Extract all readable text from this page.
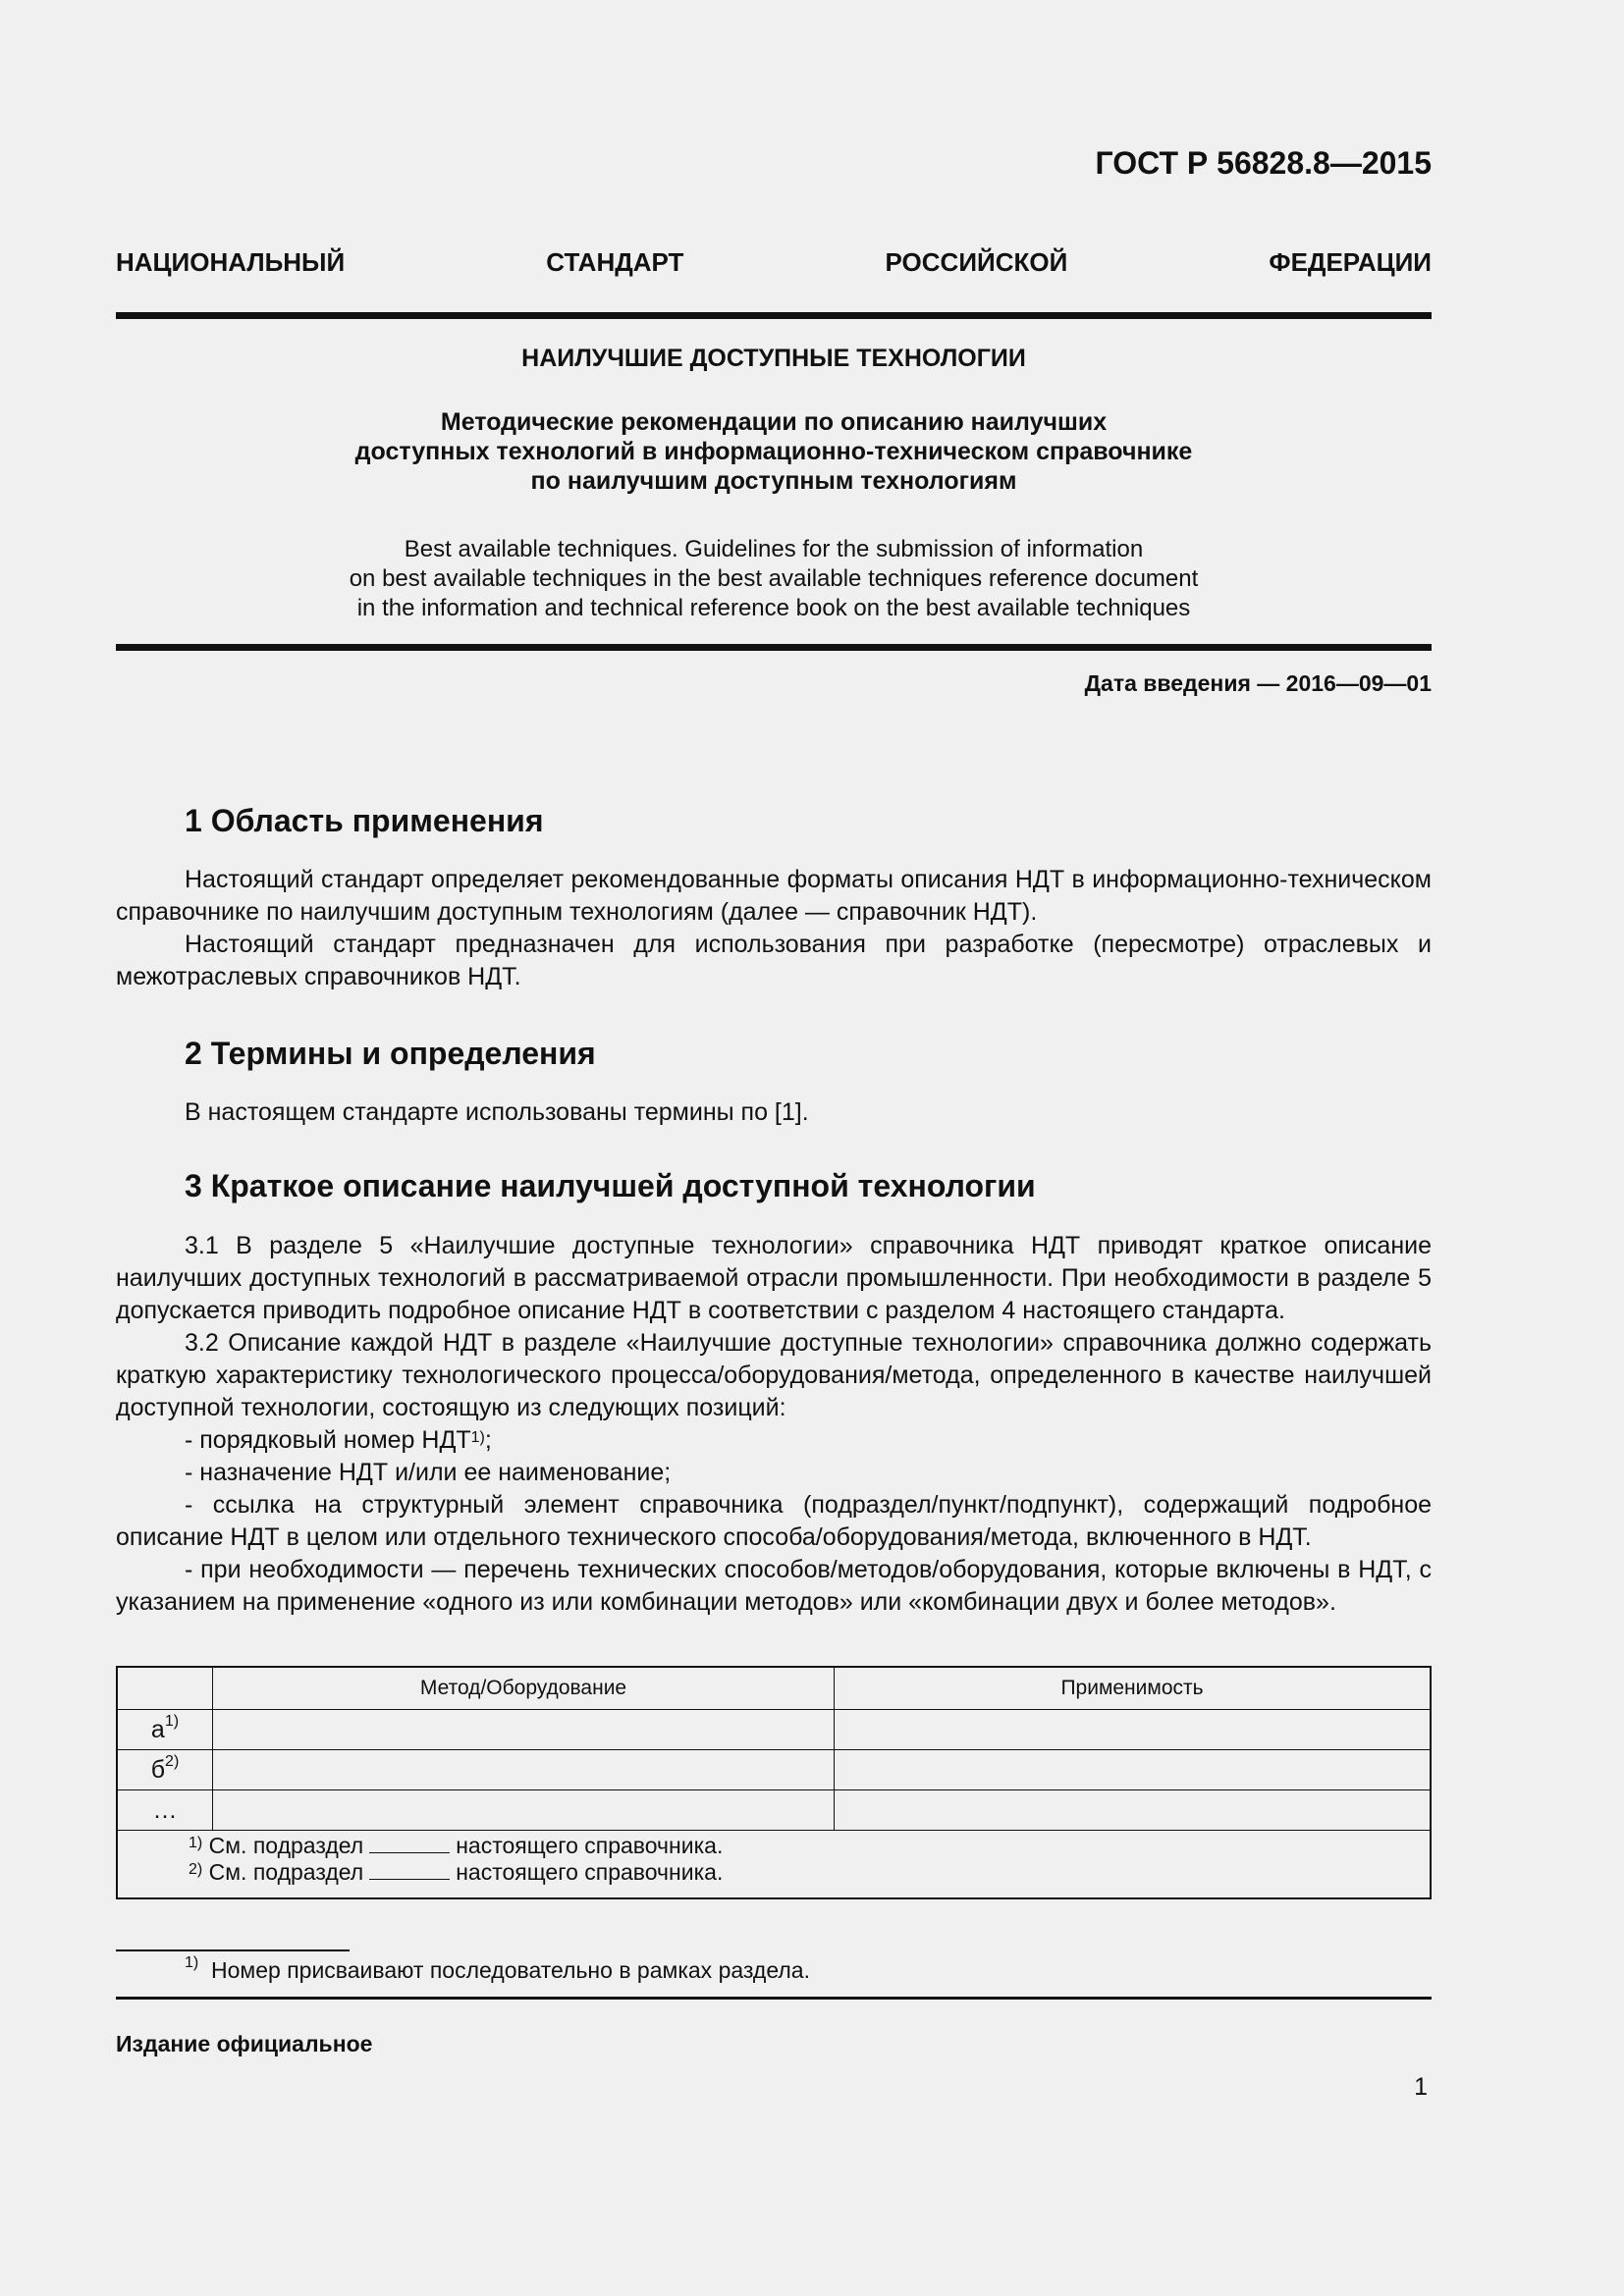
ГОСТ Р 56828.8—2015
НАЦИОНАЛЬНЫЙ СТАНДАРТ РОССИЙСКОЙ ФЕДЕРАЦИИ
НАИЛУЧШИЕ ДОСТУПНЫЕ ТЕХНОЛОГИИ
Методические рекомендации по описанию наилучших
доступных технологий в информационно-техническом справочнике
по наилучшим доступным технологиям
Best available techniques. Guidelines for the submission of information
on best available techniques in the best available techniques reference document
in the information and technical reference book on the best available techniques
Дата введения — 2016—09—01
1 Область применения

Настоящий стандарт определяет рекомендованные форматы описания НДТ в информационно-техническом справочнике по наилучшим доступным технологиям (далее — справочник НДТ).

Настоящий стандарт предназначен для использования при разработке (пересмотре) отраслевых и межотраслевых справочников НДТ.

2 Термины и определения

В настоящем стандарте использованы термины по [1].

3 Краткое описание наилучшей доступной технологии

3.1 В разделе 5 «Наилучшие доступные технологии» справочника НДТ приводят краткое описание наилучших доступных технологий в рассматриваемой отрасли промышленности. При необходимости в разделе 5 допускается приводить подробное описание НДТ в соответствии с разделом 4 настоящего стандарта.

3.2 Описание каждой НДТ в разделе «Наилучшие доступные технологии» справочника должно содержать краткую характеристику технологического процесса/оборудования/метода, определенного в качестве наилучшей доступной технологии, состоящую из следующих позиций:

- порядковый номер НДТ$^{1)}$;

- назначение НДТ и/или ее наименование;

- ссылка на структурный элемент справочника (подраздел/пункт/подпункт), содержащий подробное описание НДТ в целом или отдельного технического способа/оборудования/метода, включенного в НДТ.

- при необходимости — перечень технических способов/методов/оборудования, которые включены в НДТ, с указанием на применение «одного из или комбинации методов» или «комбинации двух и более методов».

	Метод/Оборудование	Применимость
$а^{1)}$		
$б^{2)}$		
…		

$^{1)}$ См. подраздел настоящего справочника.
$^{2)}$ См. подраздел настоящего справочника.		
$^{1)}$ Номер присваивают последовательно в рамках раздела.
Издание официальное
1
